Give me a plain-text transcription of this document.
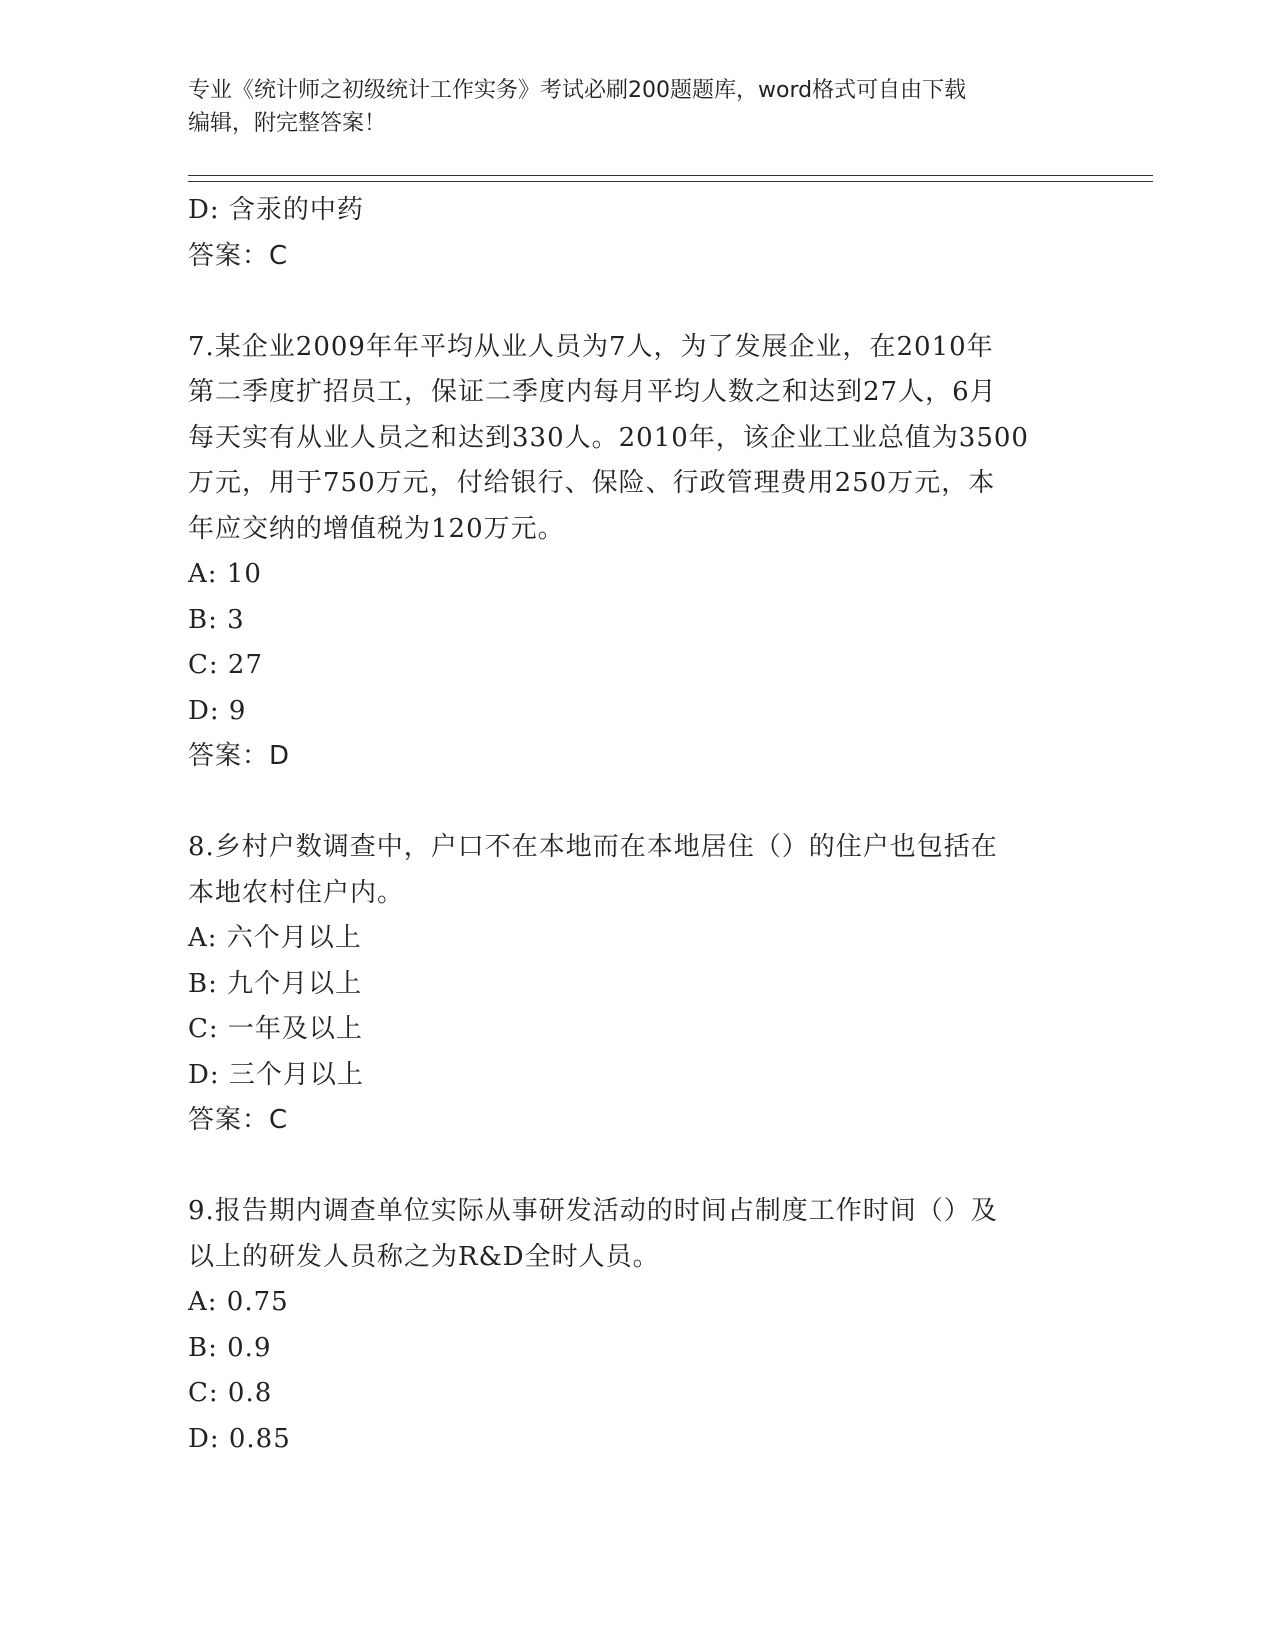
专业《统计师之初级统计工作实务》考试必刷200题题库，word格式可自由下载
编辑，附完整答案！
D: 含汞的中药
答案：C
7.某企业2009年年平均从业人员为7人，为了发展企业，在2010年
第二季度扩招员工，保证二季度内每月平均人数之和达到27人，6月
每天实有从业人员之和达到330人。2010年，该企业工业总值为3500
万元，用于750万元，付给银行、保险、行政管理费用250万元，本
年应交纳的增值税为120万元。
A: 10
B: 3
C: 27
D: 9
答案：D
8.乡村户数调查中，户口不在本地而在本地居住（）的住户也包括在
本地农村住户内。
A: 六个月以上
B: 九个月以上
C: 一年及以上
D: 三个月以上
答案：C
9.报告期内调查单位实际从事研发活动的时间占制度工作时间（）及
以上的研发人员称之为R&D全时人员。
A: 0.75
B: 0.9
C: 0.8
D: 0.85
